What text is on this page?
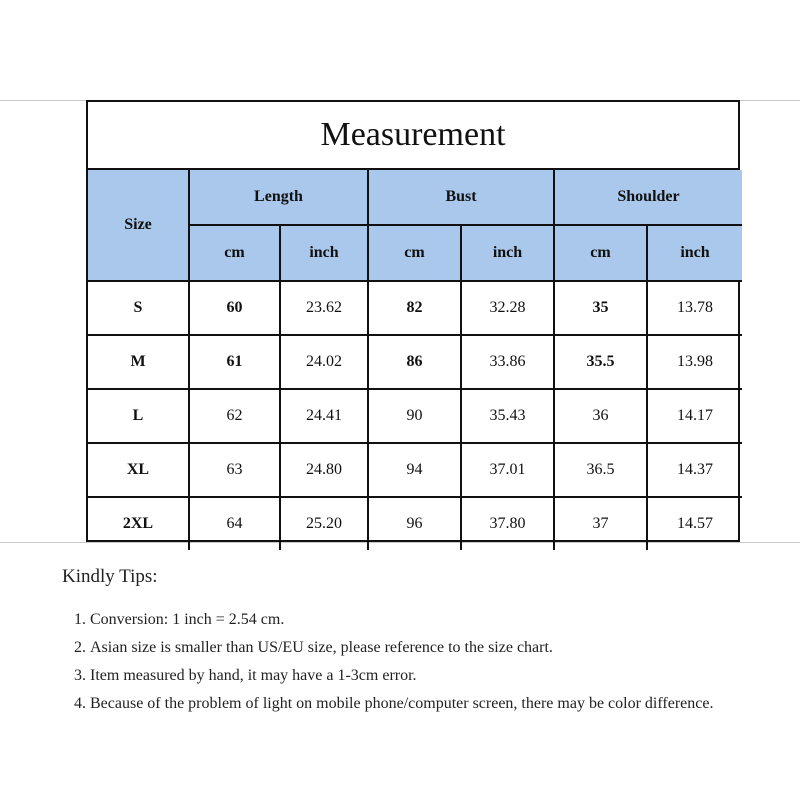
Measurement
Size	Length		Bust		Shoulder	
	cm	inch	cm	inch	cm	inch
S	60	23.62	82	32.28	35	13.78
M	61	24.02	86	33.86	35.5	13.98
L	62	24.41	90	35.43	36	14.17
XL	63	24.80	94	37.01	36.5	14.37
2XL	64	25.20	96	37.80	37	14.57
Kindly Tips:
1. Conversion: 1 inch = 2.54 cm.
2. Asian size is smaller than US/EU size, please reference to the size chart.
3. Item measured by hand, it may have a 1-3cm error.
4. Because of the problem of light on mobile phone/computer screen, there may be color difference.
